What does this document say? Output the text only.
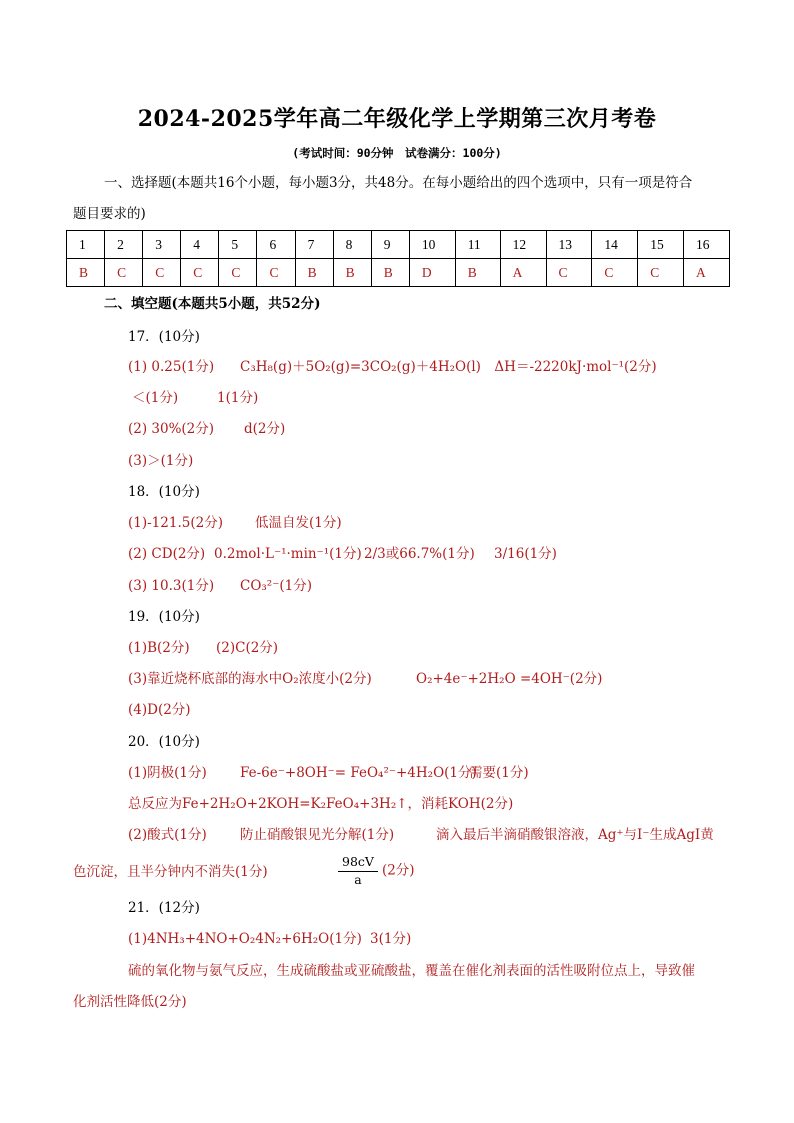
2024-2025学年高二年级化学上学期第三次月考卷
(考试时间：90分钟　试卷满分：100分)
一、选择题(本题共16个小题，每小题3分，共48分。在每小题给出的四个选项中，只有一项是符合
题目要求的)
1	2	3	4	5	6	7	8	9	10	11	12	13	14	15	16
B	C	C	C	C	C	B	B	B	D	B	A	C	C	C	A
二、填空题(本题共5小题，共52分)
17．(10分)
(1) 0.25(1分) C₃H₈(g)＋5O₂(g)=3CO₂(g)＋4H₂O(l)　ΔH＝-2220kJ·mol⁻¹(2分)
＜(1分)	1(1分)
(2) 30%(2分) d(2分)
(3)＞(1分)
18．(10分)
(1)-121.5(2分) 低温自发(1分)
(2) CD(2分) 0.2mol·L⁻¹·min⁻¹(1分) 2/3或66.7%(1分) 3/16(1分)
(3) 10.3(1分) CO₃²⁻(1分)
19．(10分)
(1)B(2分) (2)C(2分)
(3)靠近烧杯底部的海水中O₂浓度小(2分)	O₂+4e⁻+2H₂O =4OH⁻(2分)
(4)D(2分)
20．(10分)
(1)阴极(1分) Fe-6e⁻+8OH⁻= FeO₄²⁻+4H₂O(1分)
需要(1分)
总反应为Fe+2H₂O+2KOH=K₂FeO₄+3H₂↑，消耗KOH(2分)
(2)酸式(1分) 防止硝酸银见光分解(1分)	滴入最后半滴硝酸银溶液，Ag⁺与I⁻生成AgI黄
色沉淀，且半分钟内不消失(1分)	$\frac{98cV}{a} (2$分)
21．(12分)
(1)4NH₃+4NO+O₂4N₂+6H₂O(1分) 3(1分)
硫的氧化物与氨气反应，生成硫酸盐或亚硫酸盐，覆盖在催化剂表面的活性吸附位点上，导致催
化剂活性降低(2分)
